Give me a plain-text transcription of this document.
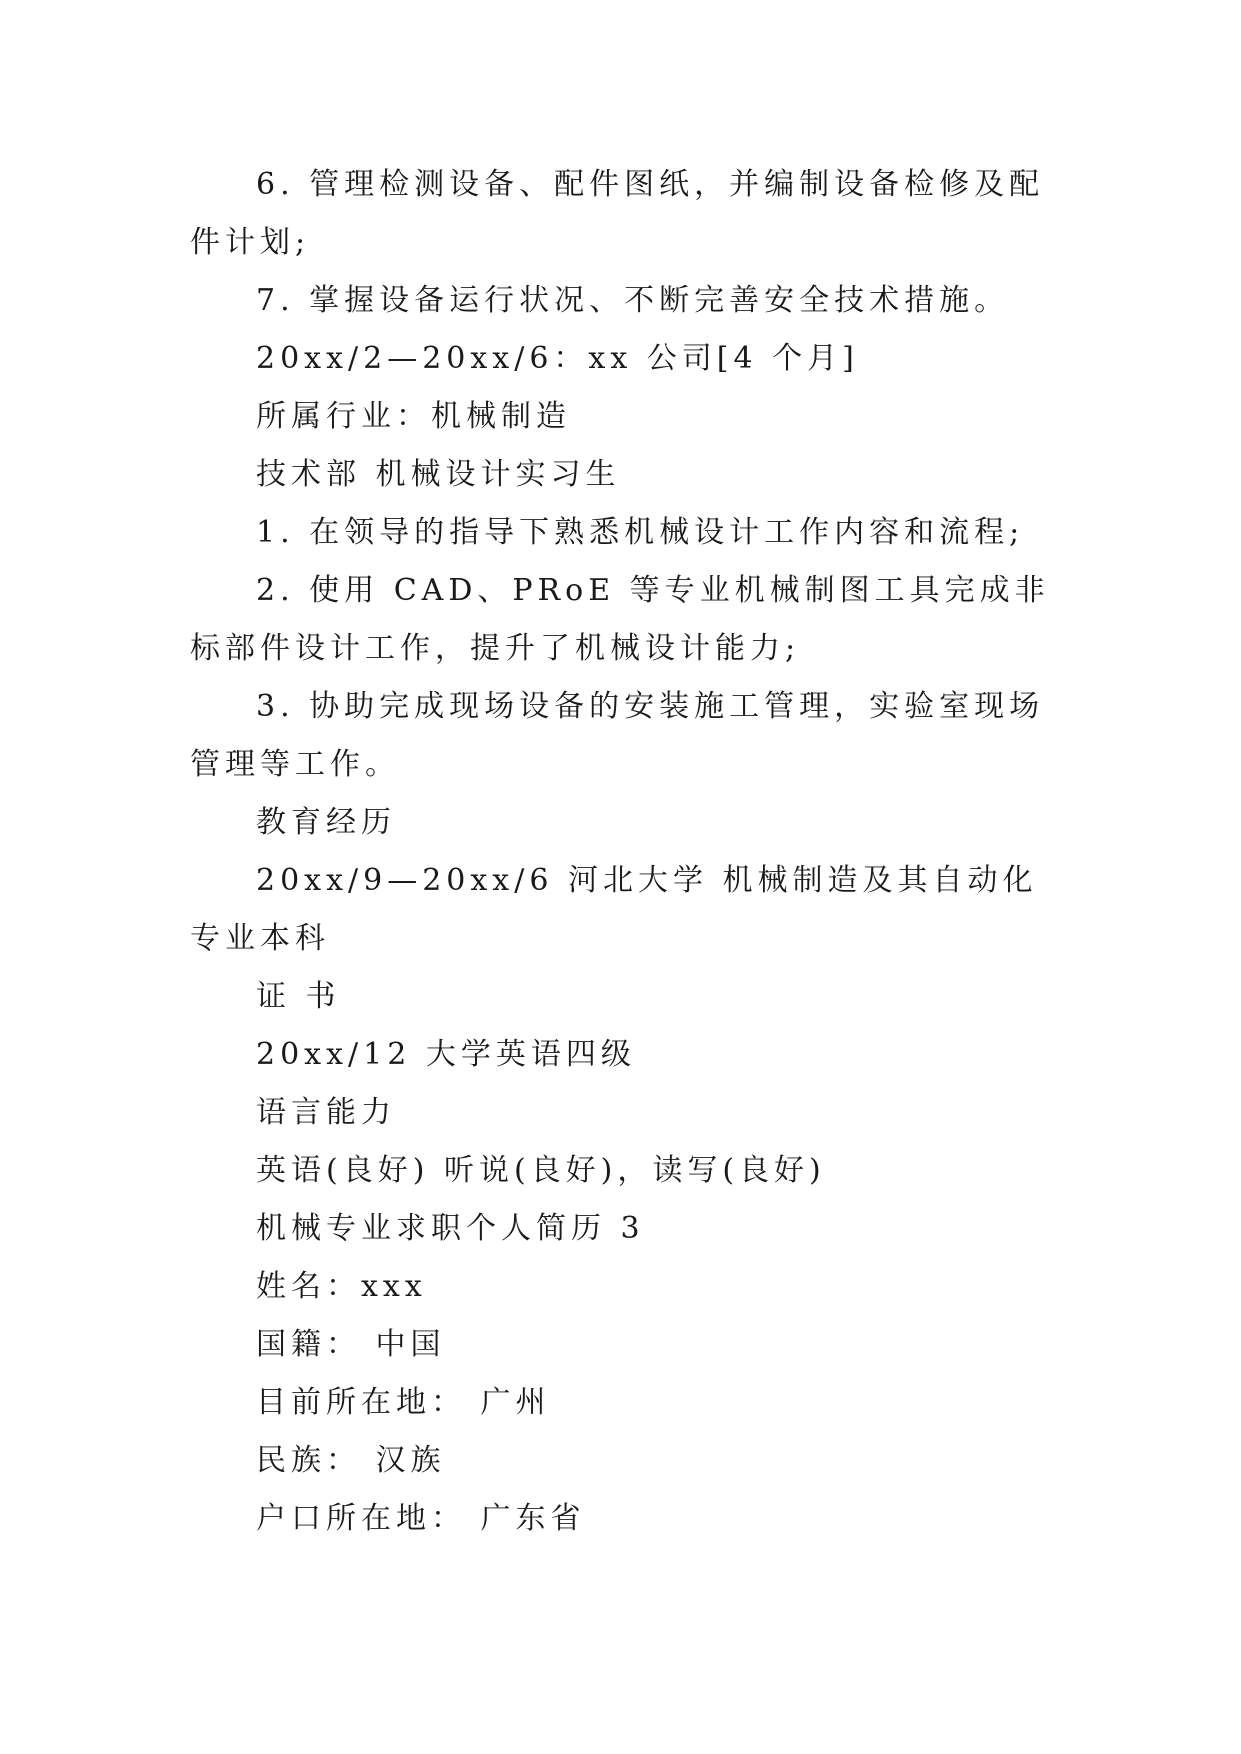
6. 管理检测设备、配件图纸，并编制设备检修及配件计划;

7. 掌握设备运行状况、不断完善安全技术措施。

20xx/2—20xx/6：xx 公司[4 个月]

所属行业：机械制造

技术部 机械设计实习生

1. 在领导的指导下熟悉机械设计工作内容和流程;

2. 使用 CAD、PRoE 等专业机械制图工具完成非标部件设计工作，提升了机械设计能力;

3. 协助完成现场设备的安装施工管理，实验室现场管理等工作。

教育经历

20xx/9—20xx/6 河北大学 机械制造及其自动化专业本科

证 书

20xx/12 大学英语四级

语言能力

英语(良好) 听说(良好)，读写(良好)

机械专业求职个人简历 3

姓名：xxx

国籍： 中国

目前所在地： 广州

民族： 汉族

户口所在地： 广东省
